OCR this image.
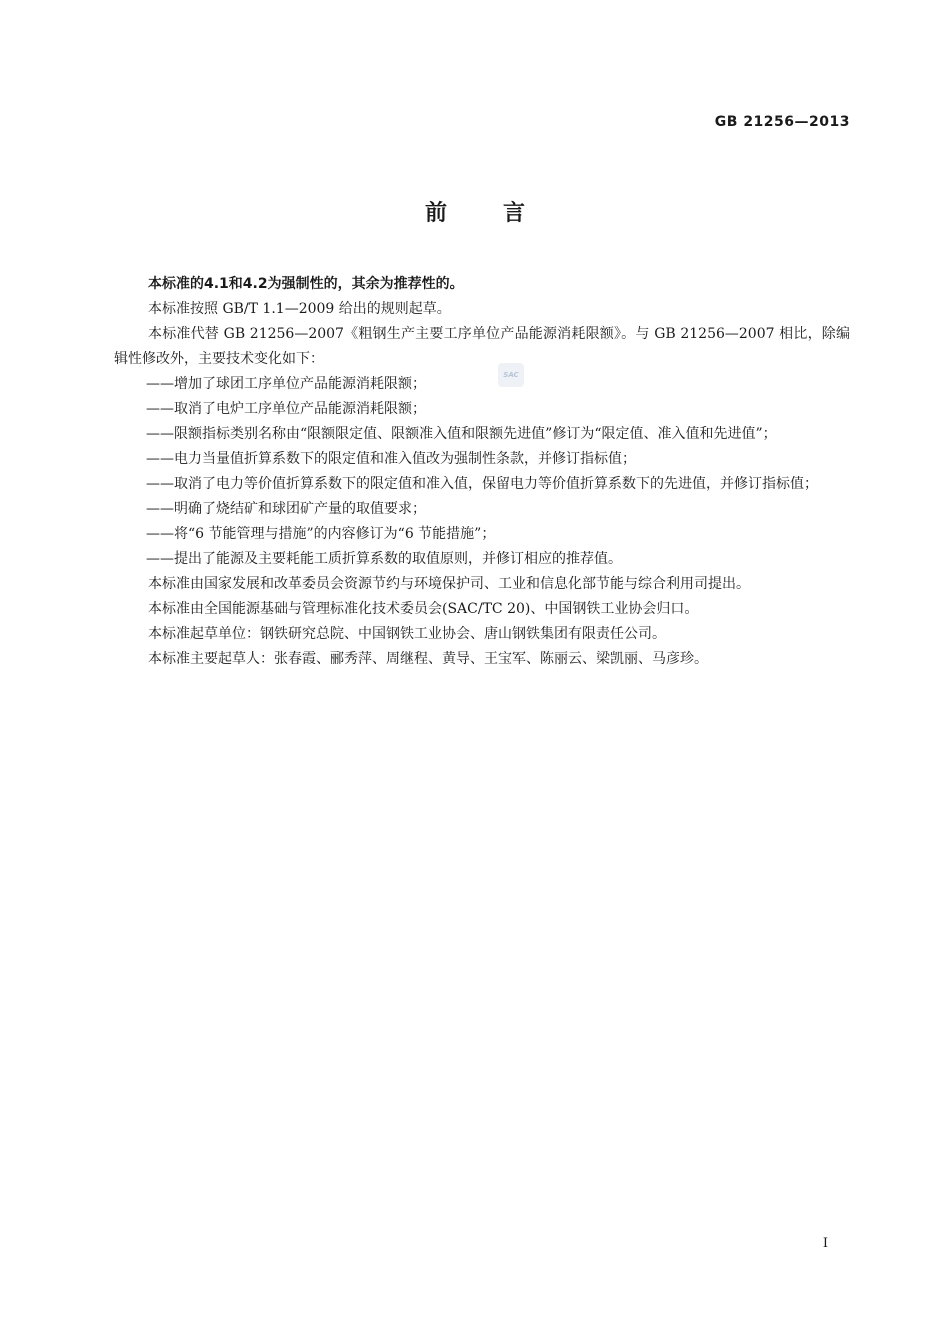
GB 21256—2013
前言
SAC

本标准的4.1和4.2为强制性的，其余为推荐性的。

本标准按照 GB/T 1.1—2009 给出的规则起草。

本标准代替 GB 21256—2007《粗钢生产主要工序单位产品能源消耗限额》。与 GB 21256—2007 相比，除编辑性修改外，主要技术变化如下：

——增加了球团工序单位产品能源消耗限额；

——取消了电炉工序单位产品能源消耗限额；

——限额指标类别名称由“限额限定值、限额准入值和限额先进值”修订为“限定值、准入值和先进值”；

——电力当量值折算系数下的限定值和准入值改为强制性条款，并修订指标值；

——取消了电力等价值折算系数下的限定值和准入值，保留电力等价值折算系数下的先进值，并修订指标值；

——明确了烧结矿和球团矿产量的取值要求；

——将“6 节能管理与措施”的内容修订为“6 节能措施”；

——提出了能源及主要耗能工质折算系数的取值原则，并修订相应的推荐值。

本标准由国家发展和改革委员会资源节约与环境保护司、工业和信息化部节能与综合利用司提出。

本标准由全国能源基础与管理标准化技术委员会(SAC/TC 20)、中国钢铁工业协会归口。

本标准起草单位：钢铁研究总院、中国钢铁工业协会、唐山钢铁集团有限责任公司。

本标准主要起草人：张春霞、郦秀萍、周继程、黄导、王宝军、陈丽云、梁凯丽、马彦珍。

I
